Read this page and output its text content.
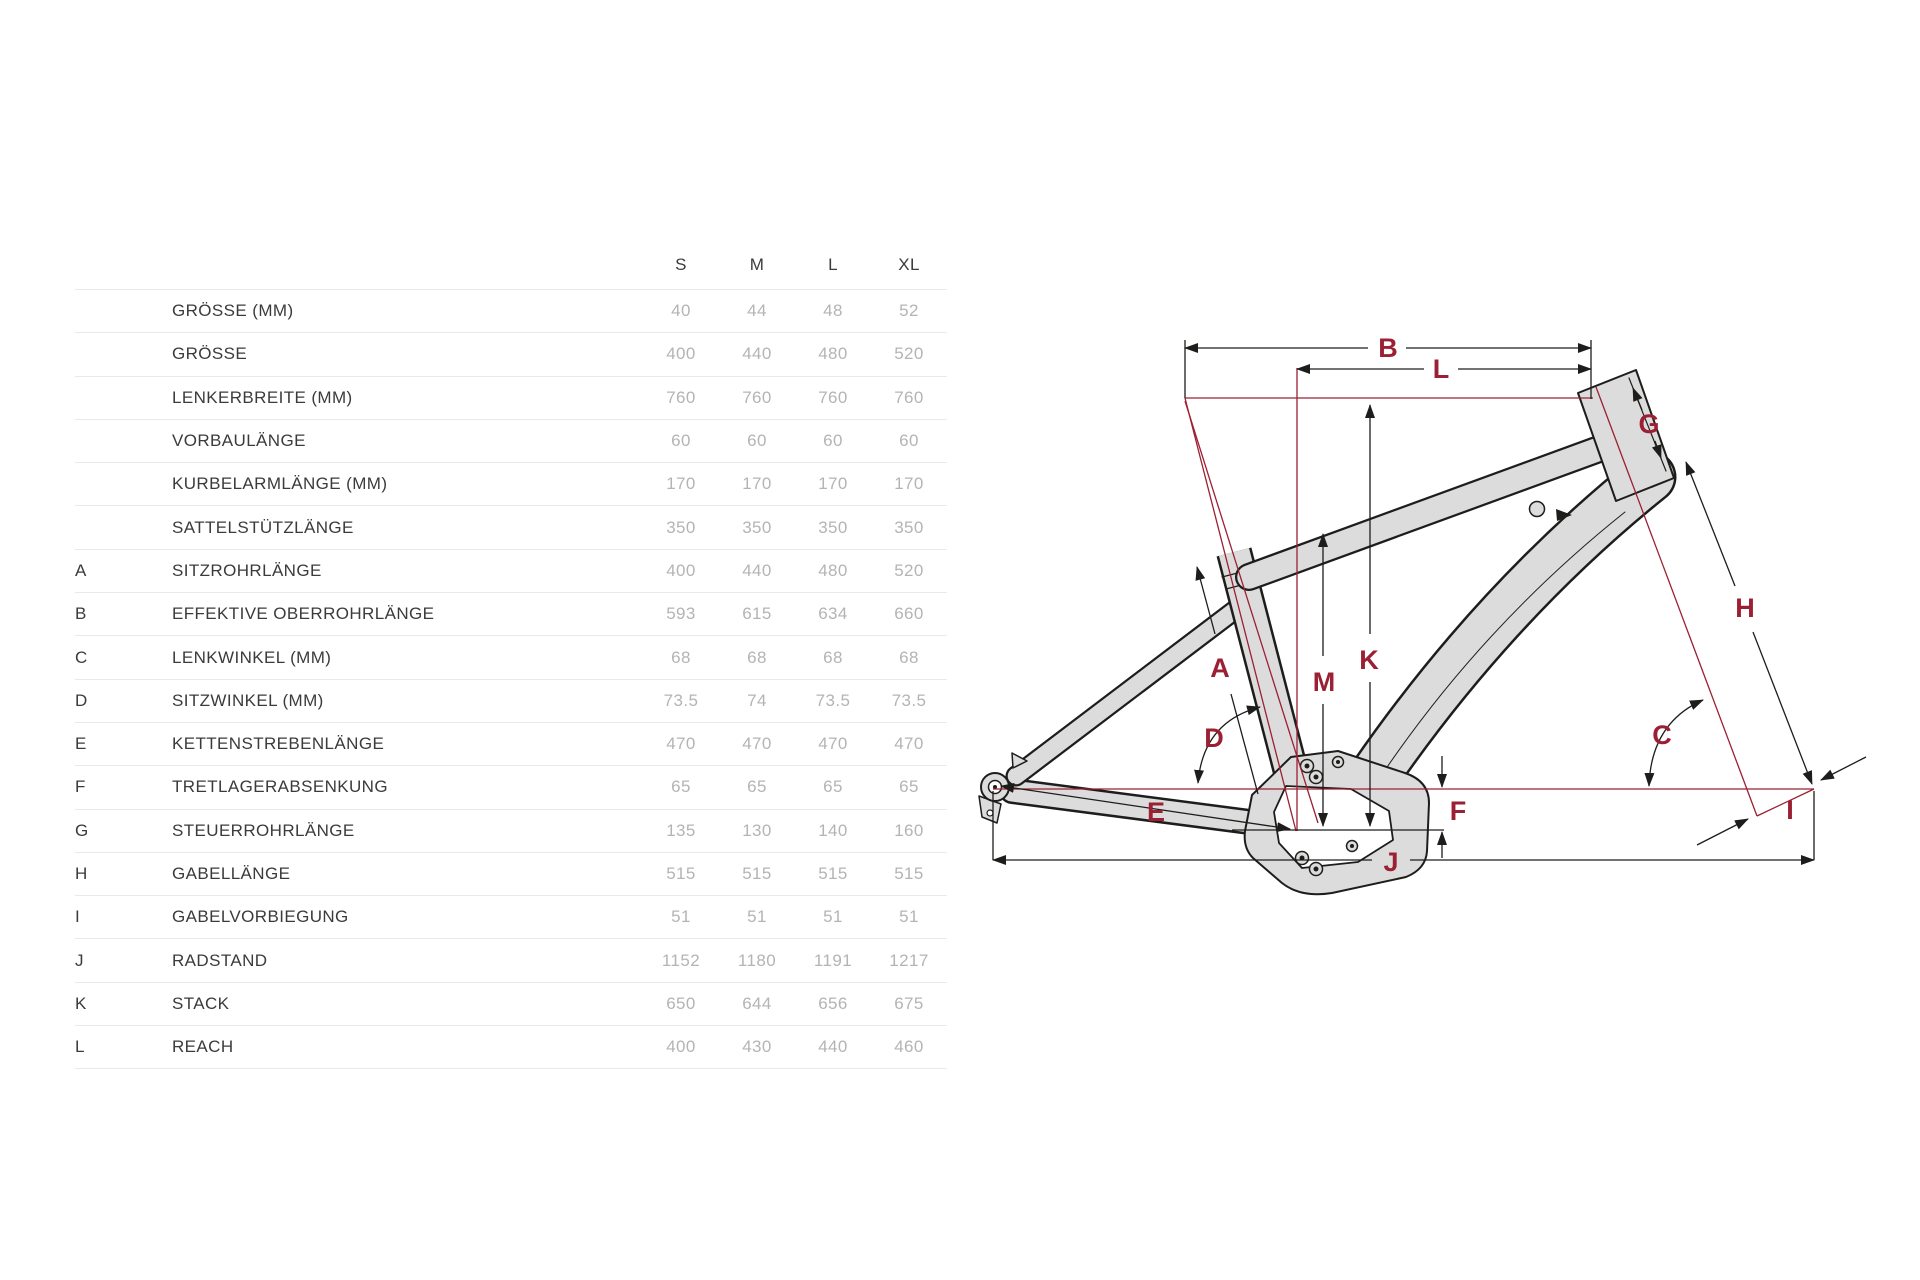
S	M	L	XL
GRÖSSE (MM)	40	44	48	52
GRÖSSE	400	440	480	520
LENKERBREITE (MM)	760	760	760	760
VORBAULÄNGE	60	60	60	60
KURBELARMLÄNGE (MM)	170	170	170	170
SATTELSTÜTZLÄNGE	350	350	350	350
A	SITZROHRLÄNGE	400	440	480	520
B	EFFEKTIVE OBERROHRLÄNGE	593	615	634	660
C	LENKWINKEL (MM)	68	68	68	68
D	SITZWINKEL (MM)	73.5	74	73.5	73.5
E	KETTENSTREBENLÄNGE	470	470	470	470
F	TRETLAGERABSENKUNG	65	65	65	65
G	STEUERROHRLÄNGE	135	130	140	160
H	GABELLÄNGE	515	515	515	515
I	GABELVORBIEGUNG	51	51	51	51
J	RADSTAND	1152	1180	1191	1217
K	STACK	650	644	656	675
L	REACH	400	430	440	460
B
L
G
A	M
K
D
E	F
J
H
C
I
